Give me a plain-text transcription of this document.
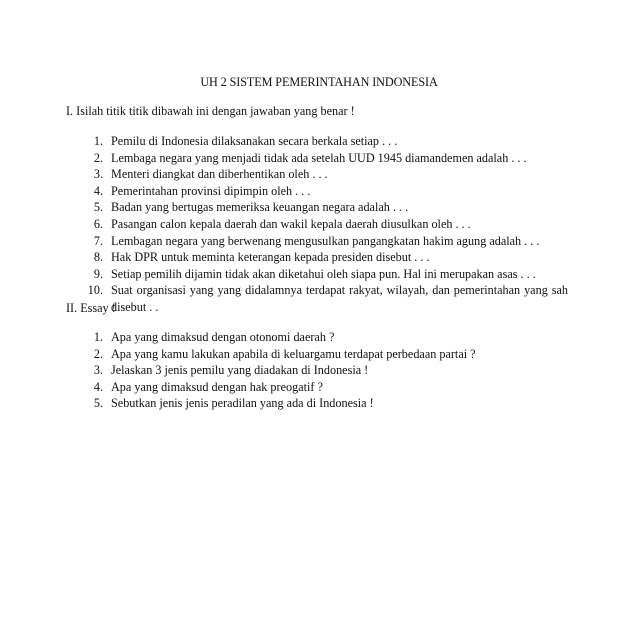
UH 2 SISTEM PEMERINTAHAN INDONESIA
I. Isilah titik titik dibawah ini dengan jawaban yang benar !
1. Pemilu di Indonesia dilaksanakan secara berkala setiap . . .
2. Lembaga negara yang menjadi tidak ada setelah UUD 1945 diamandemen adalah . . .
3. Menteri diangkat dan diberhentikan oleh . . .
4. Pemerintahan provinsi dipimpin oleh . . .
5. Badan yang bertugas memeriksa keuangan negara adalah . . .
6. Pasangan calon kepala daerah dan wakil kepala daerah diusulkan oleh . . .
7. Lembagan negara yang berwenang mengusulkan pangangkatan hakim agung adalah . . .
8. Hak DPR untuk meminta keterangan kepada presiden disebut . . .
9. Setiap pemilih dijamin tidak akan diketahui oleh siapa pun. Hal ini merupakan asas . . .
10. Suat organisasi yang yang didalamnya terdapat rakyat, wilayah, dan pemerintahan yang sah disebut . .
II. Essay !
1. Apa yang dimaksud dengan otonomi daerah ?
2. Apa yang kamu lakukan apabila di keluargamu terdapat perbedaan partai ?
3. Jelaskan 3 jenis pemilu yang diadakan di Indonesia !
4. Apa yang dimaksud dengan hak preogatif ?
5. Sebutkan jenis jenis peradilan yang ada di Indonesia !
